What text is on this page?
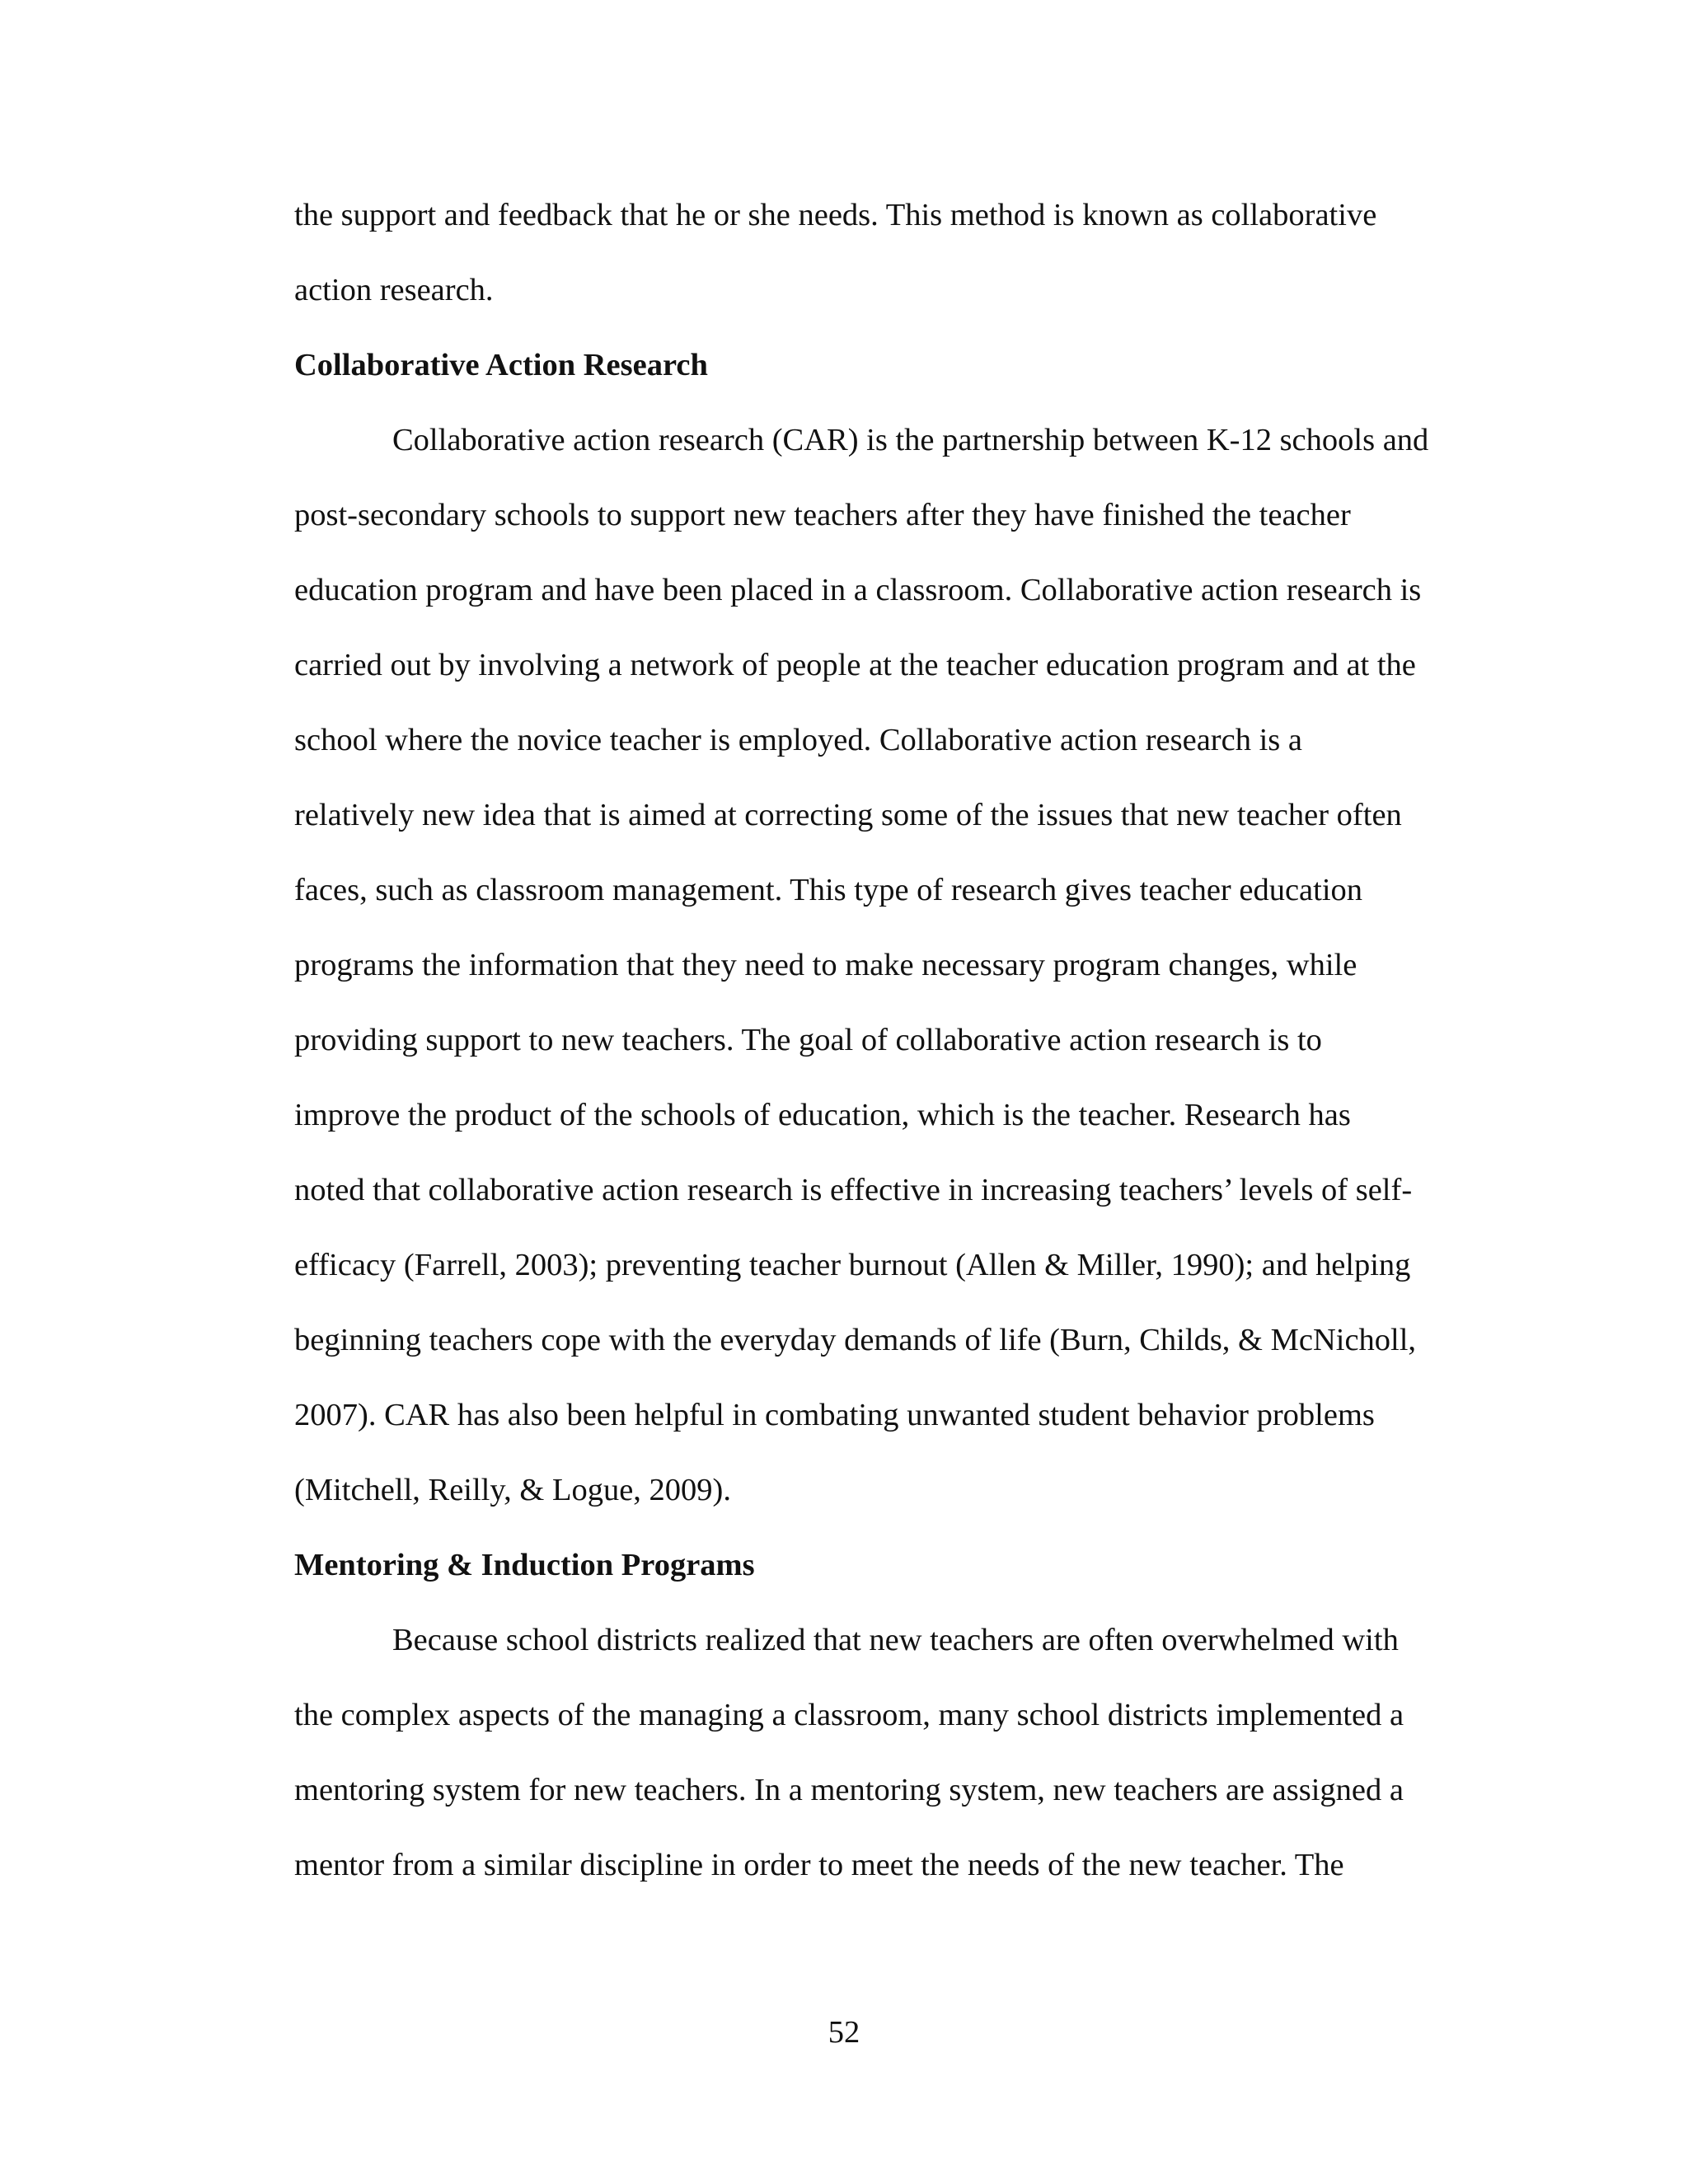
the support and feedback that he or she needs. This method is known as collaborative
action research.
Collaborative Action Research
Collaborative action research (CAR) is the partnership between K-12 schools and
post-secondary schools to support new teachers after they have finished the teacher
education program and have been placed in a classroom. Collaborative action research is
carried out by involving a network of people at the teacher education program and at the
school where the novice teacher is employed. Collaborative action research is a
relatively new idea that is aimed at correcting some of the issues that new teacher often
faces, such as classroom management. This type of research gives teacher education
programs the information that they need to make necessary program changes, while
providing support to new teachers. The goal of collaborative action research is to
improve the product of the schools of education, which is the teacher. Research has
noted that collaborative action research is effective in increasing teachers’ levels of self-
efficacy (Farrell, 2003); preventing teacher burnout (Allen & Miller, 1990); and helping
beginning teachers cope with the everyday demands of life (Burn, Childs, & McNicholl,
2007). CAR has also been helpful in combating unwanted student behavior problems
(Mitchell, Reilly, & Logue, 2009).
Mentoring & Induction Programs
Because school districts realized that new teachers are often overwhelmed with
the complex aspects of the managing a classroom, many school districts implemented a
mentoring system for new teachers. In a mentoring system, new teachers are assigned a
mentor from a similar discipline in order to meet the needs of the new teacher. The
52
